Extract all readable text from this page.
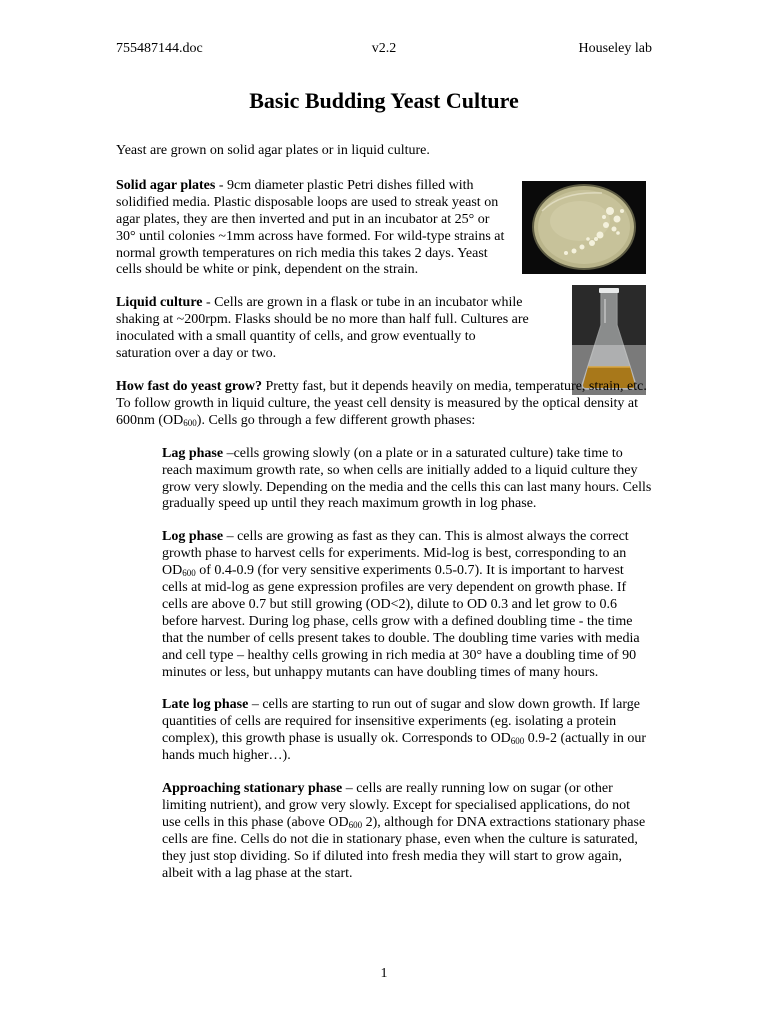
755487144.doc	v2.2	Houseley lab
Basic Budding Yeast Culture

Yeast are grown on solid agar plates or in liquid culture.

Solid agar plates - 9cm diameter plastic Petri dishes filled with solidified media. Plastic disposable loops are used to streak yeast on agar plates, they are then inverted and put in an incubator at 25° or 30° until colonies ~1mm across have formed. For wild-type strains at normal growth temperatures on rich media this takes 2 days. Yeast cells should be white or pink, dependent on the strain.

Liquid culture - Cells are grown in a flask or tube in an incubator while shaking at ~200rpm. Flasks should be no more than half full. Cultures are inoculated with a small quantity of cells, and grow eventually to saturation over a day or two.

How fast do yeast grow? Pretty fast, but it depends heavily on media, temperature, strain, etc. To follow growth in liquid culture, the yeast cell density is measured by the optical density at 600nm $(OD_{600})$. Cells go through a few different growth phases:

Lag phase –cells growing slowly (on a plate or in a saturated culture) take time to reach maximum growth rate, so when cells are initially added to a liquid culture they grow very slowly. Depending on the media and the cells this can last many hours. Cells gradually speed up until they reach maximum growth in log phase.

Log phase – cells are growing as fast as they can. This is almost always the correct growth phase to harvest cells for experiments. Mid-log is best, corresponding to an $OD_{600}$ of 0.4-0.9 (for very sensitive experiments 0.5-0.7). It is important to harvest cells at mid-log as gene expression profiles are very dependent on growth phase. If cells are above 0.7 but still growing (OD<2), dilute to OD 0.3 and let grow to 0.6 before harvest. During log phase, cells grow with a defined doubling time - the time that the number of cells present takes to double. The doubling time varies with media and cell type – healthy cells growing in rich media at 30° have a doubling time of 90 minutes or less, but unhappy mutants can have doubling times of many hours.

Late log phase – cells are starting to run out of sugar and slow down growth. If large quantities of cells are required for insensitive experiments (eg. isolating a protein complex), this growth phase is usually ok. Corresponds to $OD_{600}$ 0.9-2 (actually in our hands much higher…).

Approaching stationary phase – cells are really running low on sugar (or other limiting nutrient), and grow very slowly. Except for specialised applications, do not use cells in this phase (above $OD_{600}$ 2), although for DNA extractions stationary phase cells are fine. Cells do not die in stationary phase, even when the culture is saturated, they just stop dividing. So if diluted into fresh media they will start to grow again, albeit with a lag phase at the start.

1
